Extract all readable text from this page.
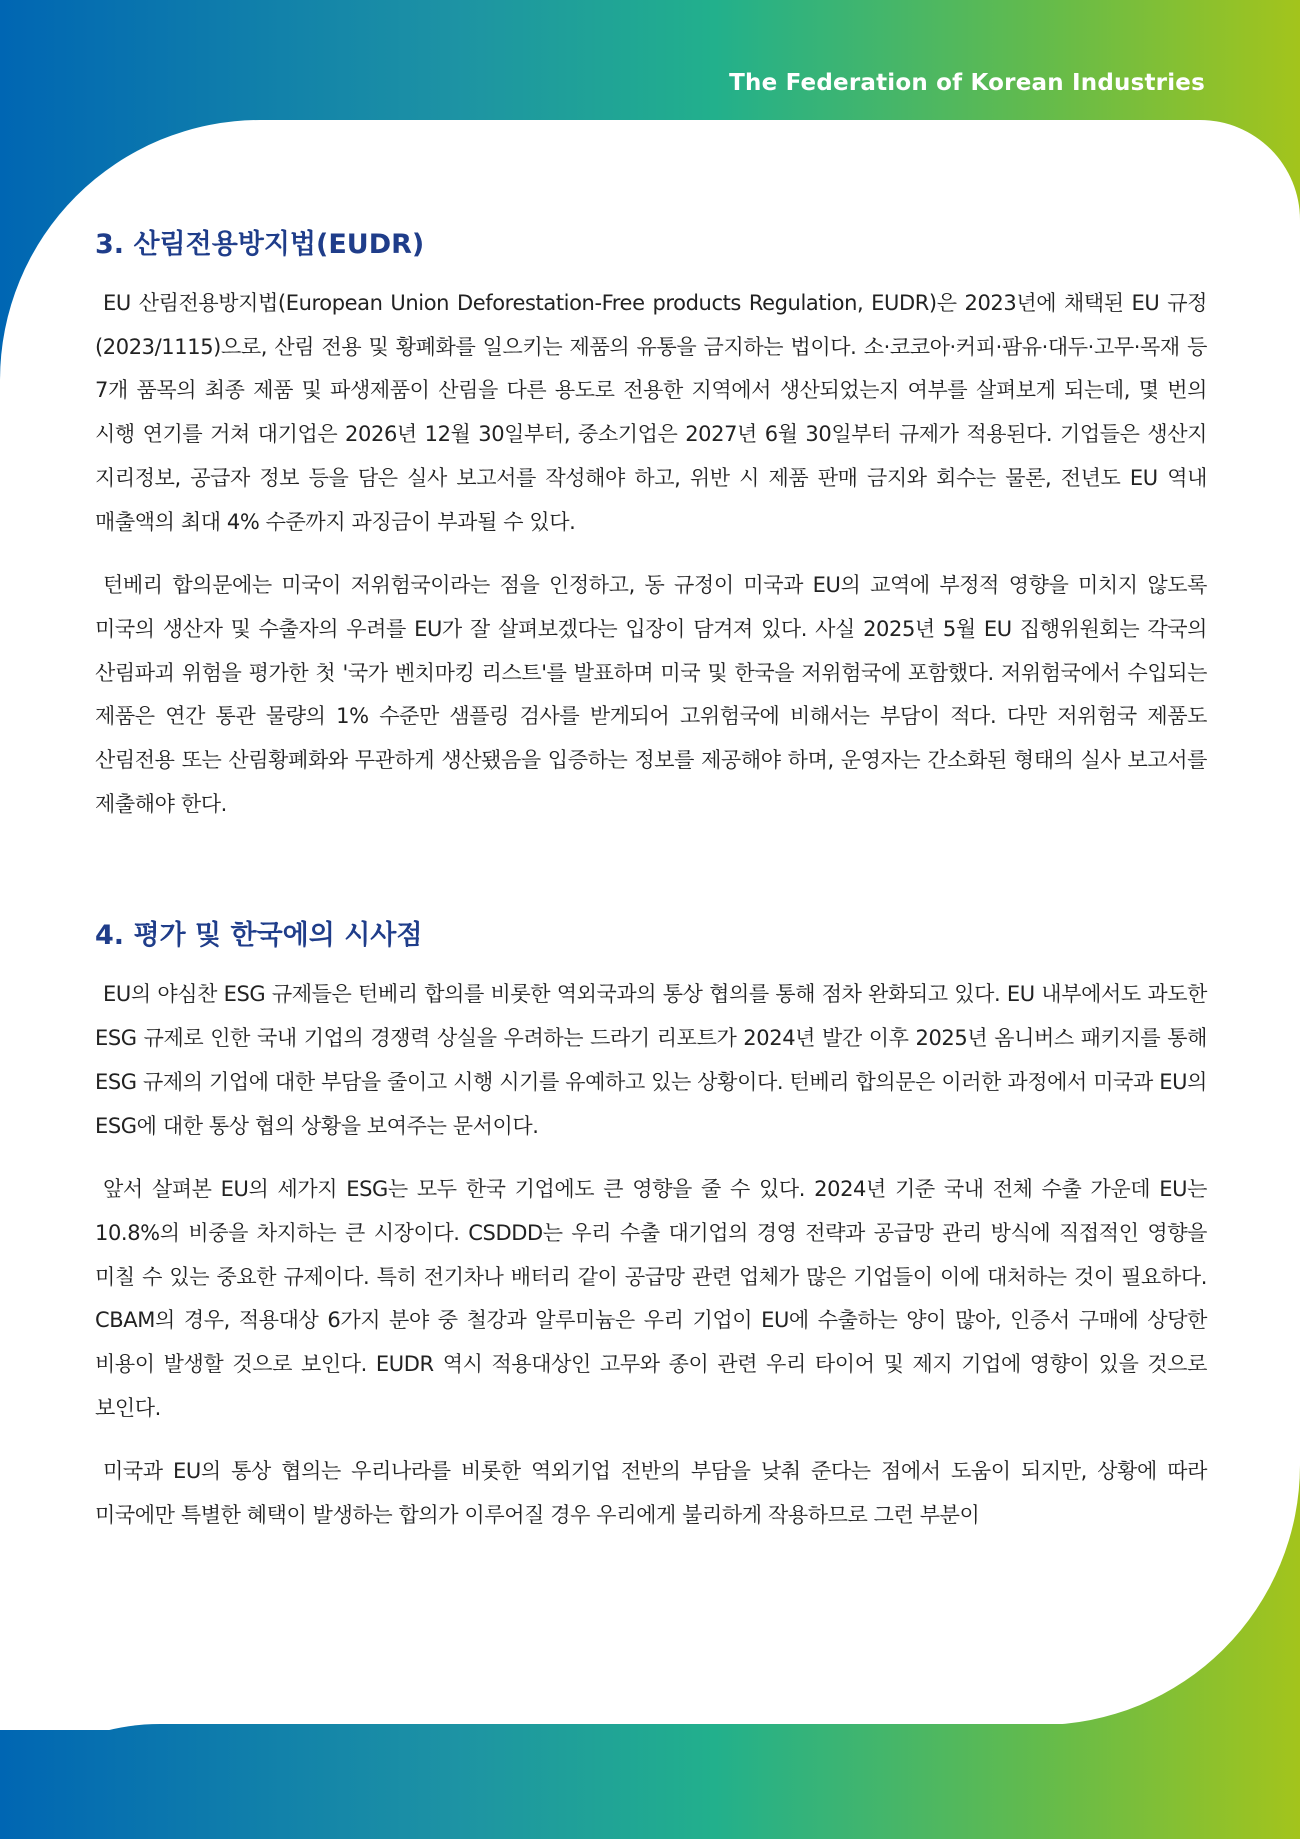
The Federation of Korean Industries
3. 산림전용방지법(EUDR)

EU 산림전용방지법(European Union Deforestation-Free products Regulation, EUDR)은 2023년에 채택된 EU 규정(2023/1115)으로, 산림 전용 및 황폐화를 일으키는 제품의 유통을 금지하는 법이다. 소·코코아·커피·팜유·대두·고무·목재 등 7개 품목의 최종 제품 및 파생제품이 산림을 다른 용도로 전용한 지역에서 생산되었는지 여부를 살펴보게 되는데, 몇 번의 시행 연기를 거쳐 대기업은 2026년 12월 30일부터, 중소기업은 2027년 6월 30일부터 규제가 적용된다. 기업들은 생산지 지리정보, 공급자 정보 등을 담은 실사 보고서를 작성해야 하고, 위반 시 제품 판매 금지와 회수는 물론, 전년도 EU 역내 매출액의 최대 4% 수준까지 과징금이 부과될 수 있다.

턴베리 합의문에는 미국이 저위험국이라는 점을 인정하고, 동 규정이 미국과 EU의 교역에 부정적 영향을 미치지 않도록 미국의 생산자 및 수출자의 우려를 EU가 잘 살펴보겠다는 입장이 담겨져 있다. 사실 2025년 5월 EU 집행위원회는 각국의 산림파괴 위험을 평가한 첫 '국가 벤치마킹 리스트'를 발표하며 미국 및 한국을 저위험국에 포함했다. 저위험국에서 수입되는 제품은 연간 통관 물량의 1% 수준만 샘플링 검사를 받게되어 고위험국에 비해서는 부담이 적다. 다만 저위험국 제품도 산림전용 또는 산림황폐화와 무관하게 생산됐음을 입증하는 정보를 제공해야 하며, 운영자는 간소화된 형태의 실사 보고서를 제출해야 한다.

4. 평가 및 한국에의 시사점

EU의 야심찬 ESG 규제들은 턴베리 합의를 비롯한 역외국과의 통상 협의를 통해 점차 완화되고 있다. EU 내부에서도 과도한 ESG 규제로 인한 국내 기업의 경쟁력 상실을 우려하는 드라기 리포트가 2024년 발간 이후 2025년 옴니버스 패키지를 통해 ESG 규제의 기업에 대한 부담을 줄이고 시행 시기를 유예하고 있는 상황이다. 턴베리 합의문은 이러한 과정에서 미국과 EU의 ESG에 대한 통상 협의 상황을 보여주는 문서이다.

앞서 살펴본 EU의 세가지 ESG는 모두 한국 기업에도 큰 영향을 줄 수 있다. 2024년 기준 국내 전체 수출 가운데 EU는 10.8%의 비중을 차지하는 큰 시장이다. CSDDD는 우리 수출 대기업의 경영 전략과 공급망 관리 방식에 직접적인 영향을 미칠 수 있는 중요한 규제이다. 특히 전기차나 배터리 같이 공급망 관련 업체가 많은 기업들이 이에 대처하는 것이 필요하다. CBAM의 경우, 적용대상 6가지 분야 중 철강과 알루미늄은 우리 기업이 EU에 수출하는 양이 많아, 인증서 구매에 상당한 비용이 발생할 것으로 보인다. EUDR 역시 적용대상인 고무와 종이 관련 우리 타이어 및 제지 기업에 영향이 있을 것으로 보인다.

미국과 EU의 통상 협의는 우리나라를 비롯한 역외기업 전반의 부담을 낮춰 준다는 점에서 도움이 되지만, 상황에 따라 미국에만 특별한 혜택이 발생하는 합의가 이루어질 경우 우리에게 불리하게 작용하므로 그런 부분이
